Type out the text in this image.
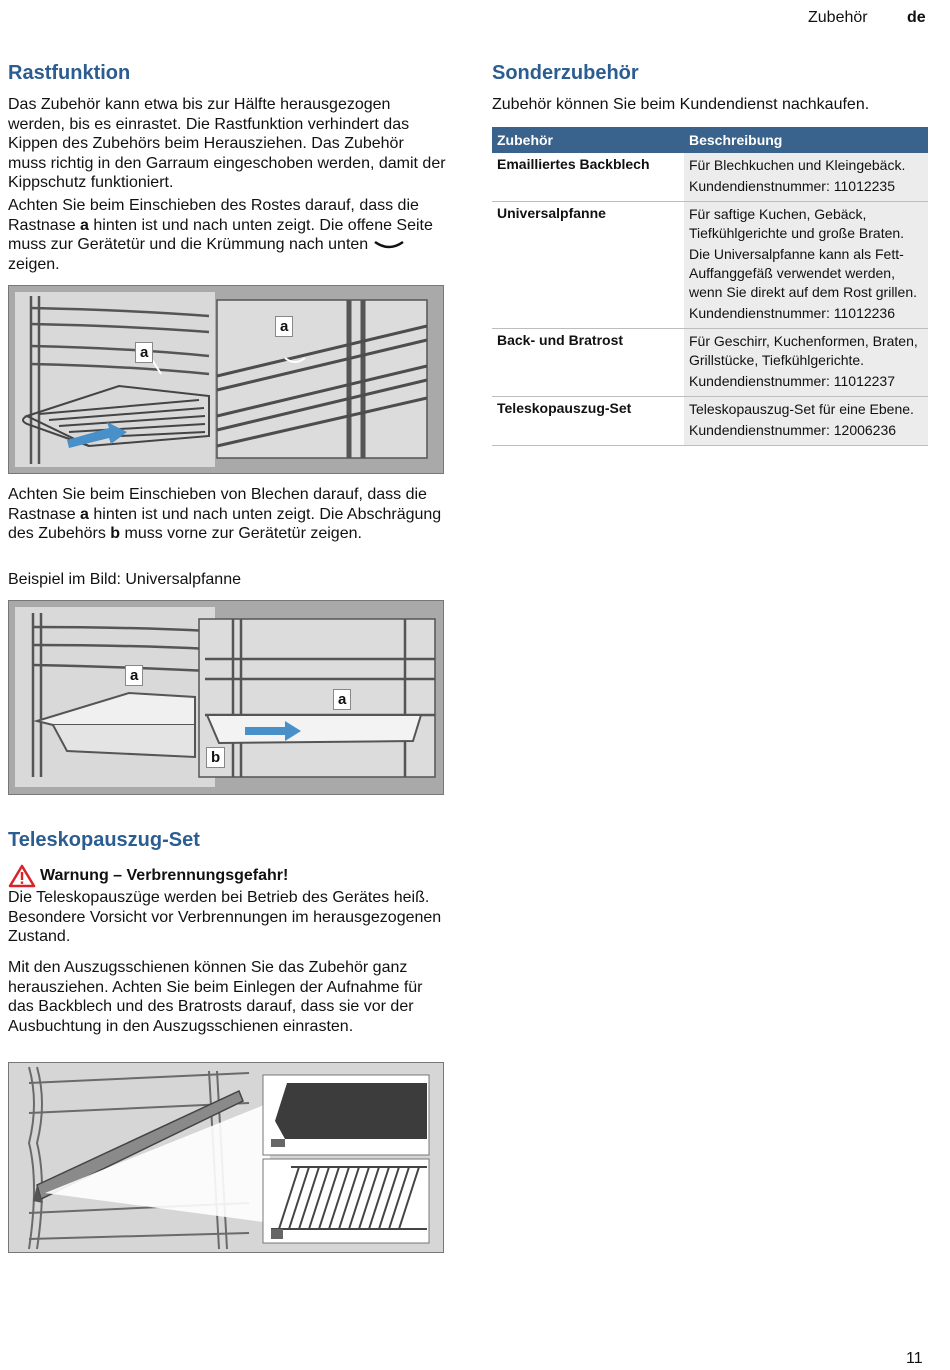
Zubehör de
Rastfunktion

Das Zubehör kann etwa bis zur Hälfte herausgezogen werden, bis es einrastet. Die Rastfunktion verhindert das Kippen des Zubehörs beim Herausziehen. Das Zubehör muss richtig in den Garraum eingeschoben werden, damit der Kippschutz funktioniert.

Achten Sie beim Einschieben des Rostes darauf, dass die Rastnase a hinten ist und nach unten zeigt. Die offene Seite muss zur Gerätetür und die Krümmung nach unten
zeigen.

a
a

Achten Sie beim Einschieben von Blechen darauf, dass die Rastnase a hinten ist und nach unten zeigt. Die Abschrägung des Zubehörs b muss vorne zur Gerätetür zeigen.

Beispiel im Bild: Universalpfanne

a
a
b
Sonderzubehör

Zubehör können Sie beim Kundendienst nachkaufen.

Zubehör	Beschreibung
Emailliertes Backblech	Für Blechkuchen und Kleingebäck.
Kundendienstnummer: 11012235

Universalpfanne	Für saftige Kuchen, Gebäck, Tiefkühlgerichte und große Braten.
Die Universalpfanne kann als Fett-Auffanggefäß verwendet werden, wenn Sie direkt auf dem Rost grillen.
Kundendienstnummer: 11012236

Back- und Bratrost	Für Geschirr, Kuchenformen, Braten, Grillstücke, Tiefkühlgerichte.
Kundendienstnummer: 11012237

Teleskopauszug-Set	Teleskopauszug-Set für eine Ebene.
Kundendienstnummer: 12006236
Teleskopauszug-Set
Warnung – Verbrennungsgefahr!

Die Teleskopauszüge werden bei Betrieb des Gerätes heiß. Besondere Vorsicht vor Verbrennungen im herausgezogenen Zustand.

Mit den Auszugsschienen können Sie das Zubehör ganz herausziehen. Achten Sie beim Einlegen der Aufnahme für das Backblech und des Bratrosts darauf, dass sie vor der Ausbuchtung in den Auszugsschienen einrasten.

11
